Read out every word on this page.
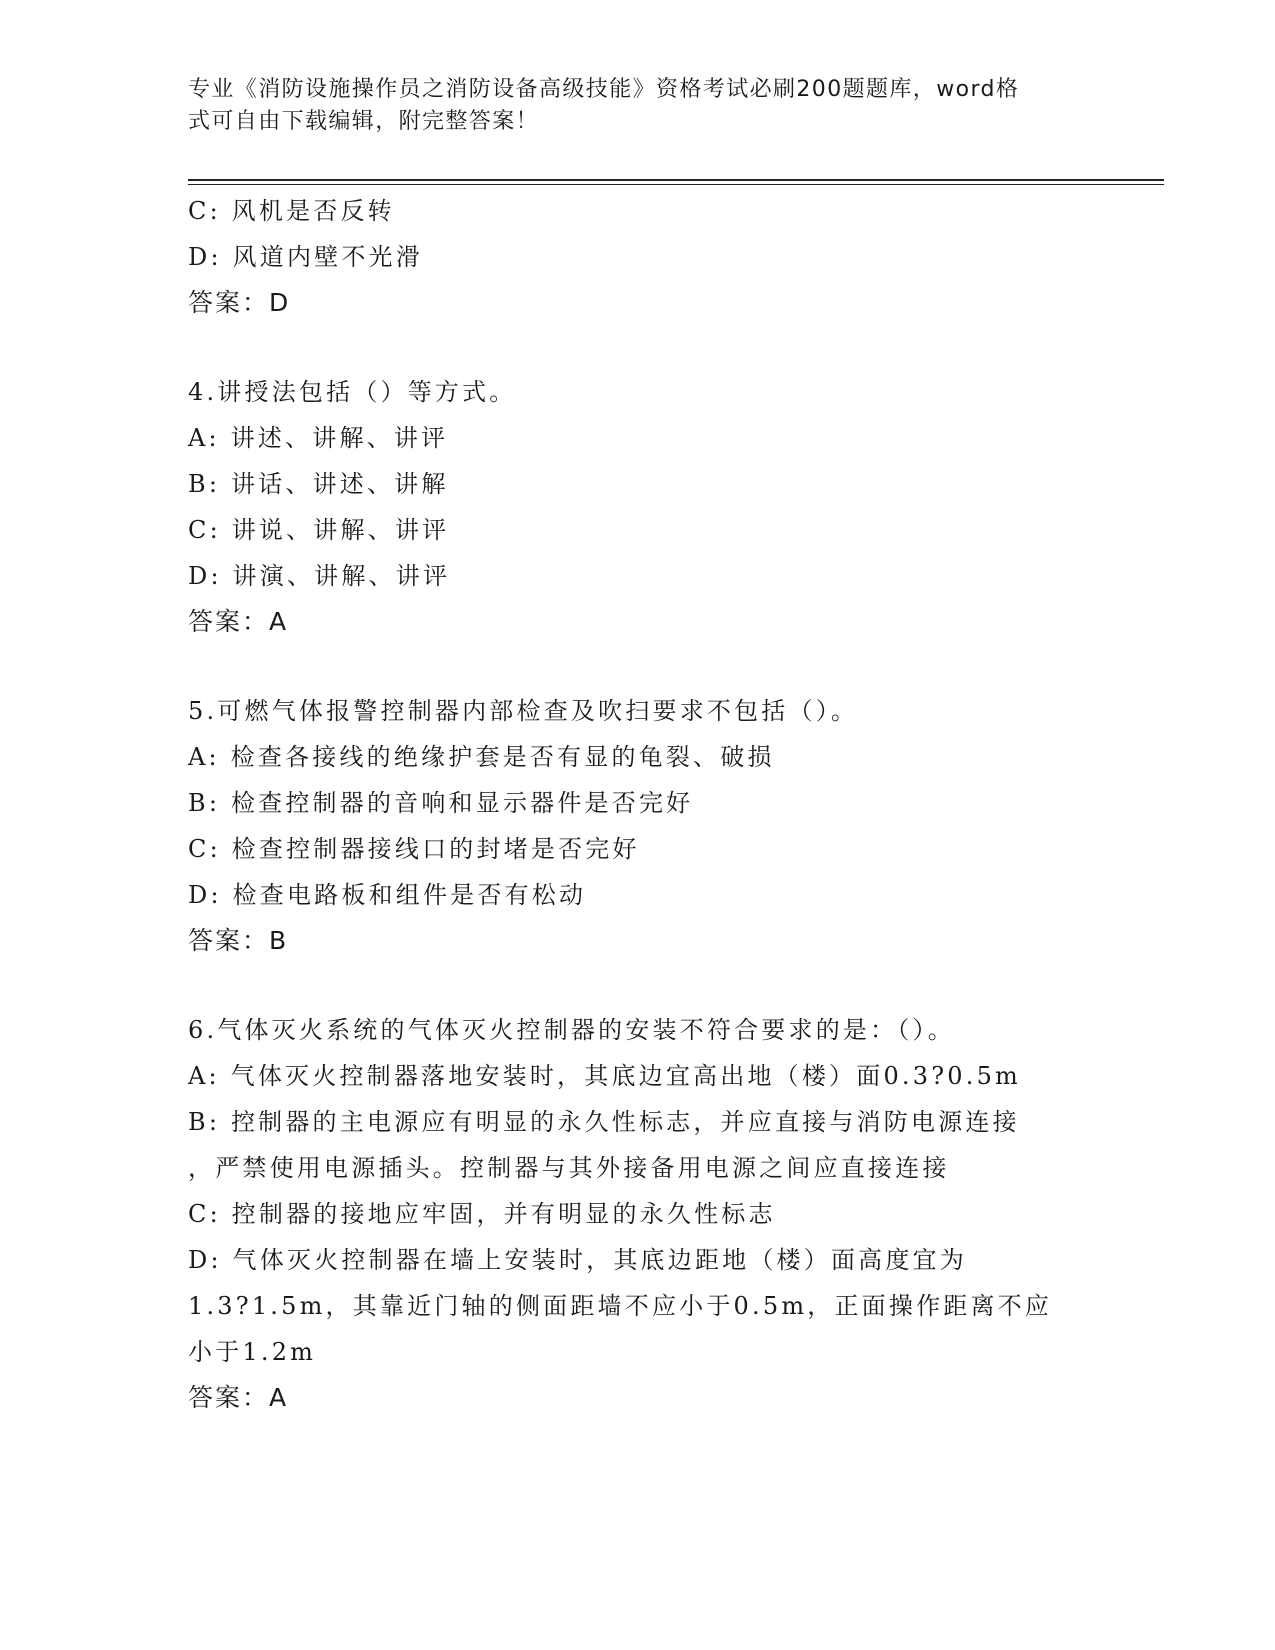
专业《消防设施操作员之消防设备高级技能》资格考试必刷200题题库，word格
式可自由下载编辑，附完整答案！
C: 风机是否反转
D: 风道内壁不光滑
答案：D
4.讲授法包括（）等方式。
A: 讲述、讲解、讲评
B: 讲话、讲述、讲解
C: 讲说、讲解、讲评
D: 讲演、讲解、讲评
答案：A
5.可燃气体报警控制器内部检查及吹扫要求不包括（）。
A: 检查各接线的绝缘护套是否有显的龟裂、破损
B: 检查控制器的音响和显示器件是否完好
C: 检查控制器接线口的封堵是否完好
D: 检查电路板和组件是否有松动
答案：B
6.气体灭火系统的气体灭火控制器的安装不符合要求的是：（）。
A: 气体灭火控制器落地安装时，其底边宜高出地（楼）面0.3?0.5m
B: 控制器的主电源应有明显的永久性标志，并应直接与消防电源连接
，严禁使用电源插头。控制器与其外接备用电源之间应直接连接
C: 控制器的接地应牢固，并有明显的永久性标志
D: 气体灭火控制器在墙上安装时，其底边距地（楼）面高度宜为
1.3?1.5m，其靠近门轴的侧面距墙不应小于0.5m，正面操作距离不应
小于1.2m
答案：A
